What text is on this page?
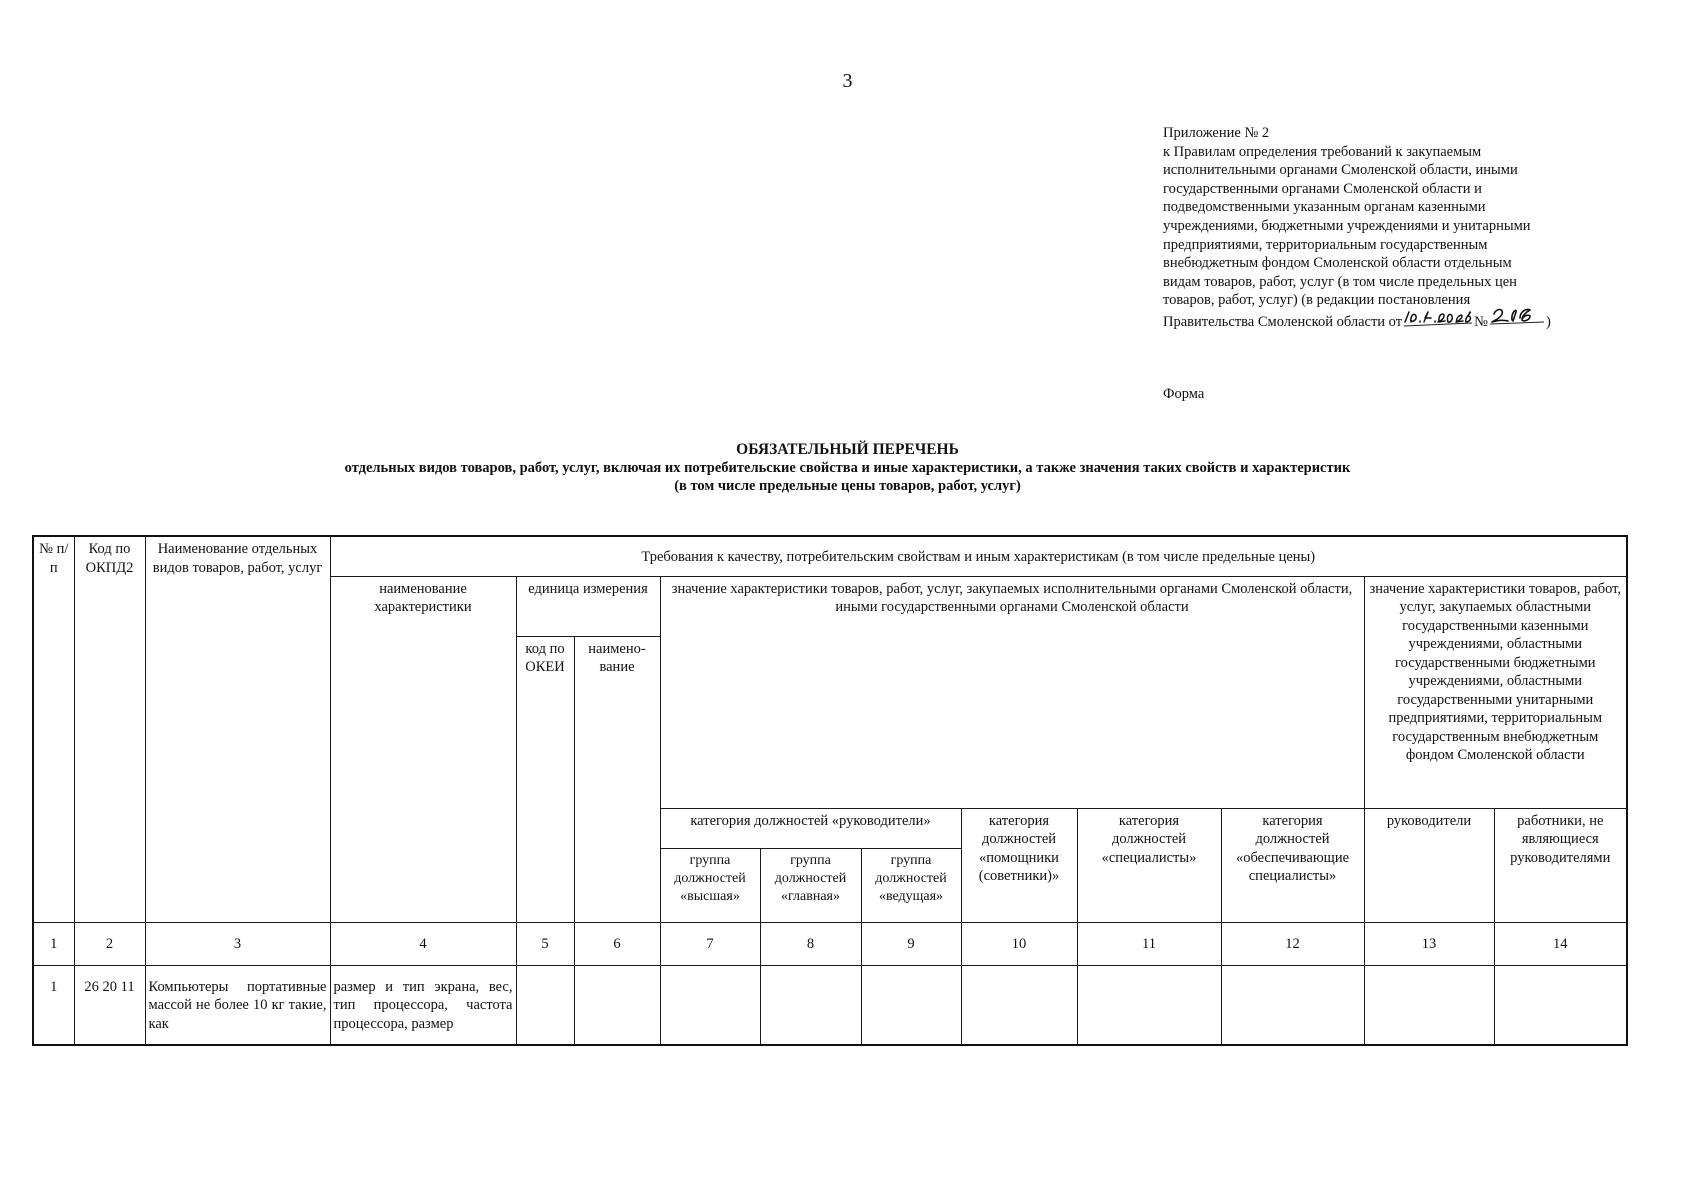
3
Приложение № 2
к Правилам определения требований к закупаемым
исполнительными органами Смоленской области, иными
государственными органами Смоленской области и
подведомственными указанным органам казенными
учреждениями, бюджетными учреждениями и унитарными
предприятиями, территориальным государственным
внебюджетным фондом Смоленской области отдельным
видам товаров, работ, услуг (в том числе предельных цен
товаров, работ, услуг) (в редакции постановления
Правительства Смоленской области от	№	)
Форма
ОБЯЗАТЕЛЬНЫЙ ПЕРЕЧЕНЬ
отдельных видов товаров, работ, услуг, включая их потребительские свойства и иные характеристики, а также значения таких свойств и характеристик
(в том числе предельные цены товаров, работ, услуг)
№ п/п	Код по ОКПД2	Наименование отдельных видов товаров, работ, услуг	Требования к качеству, потребительским свойствам и иным характеристикам (в том числе предельные цены)										
			наименование характеристики	единица измерения		значение характеристики товаров, работ, услуг, закупаемых исполнительными органами Смоленской области, иными государственными органами Смоленской области						значение характеристики товаров, работ, услуг, закупаемых областными государственными казенными учреждениями, областными государственными бюджетными учреждениями, областными государственными унитарными предприятиями, территориальным государственным внебюджетным фондом Смоленской области	
				код по ОКЕИ	наимено-вание								
						категория должностей «руководители»			категория должностей «помощники (советники)»	категория должностей «специалисты»	категория должностей «обеспечивающие специалисты»	руководители	работники, не являющиеся руководителями
						группа должностей «высшая»	группа должностей «главная»	группа должностей «ведущая»					
1	2	3	4	5	6	7	8	9	10	11	12	13	14
1	26 20 11	Компьютеры портативные массой не более 10 кг такие, как	размер и тип экрана, вес, тип процессора, частота процессора, размер										
